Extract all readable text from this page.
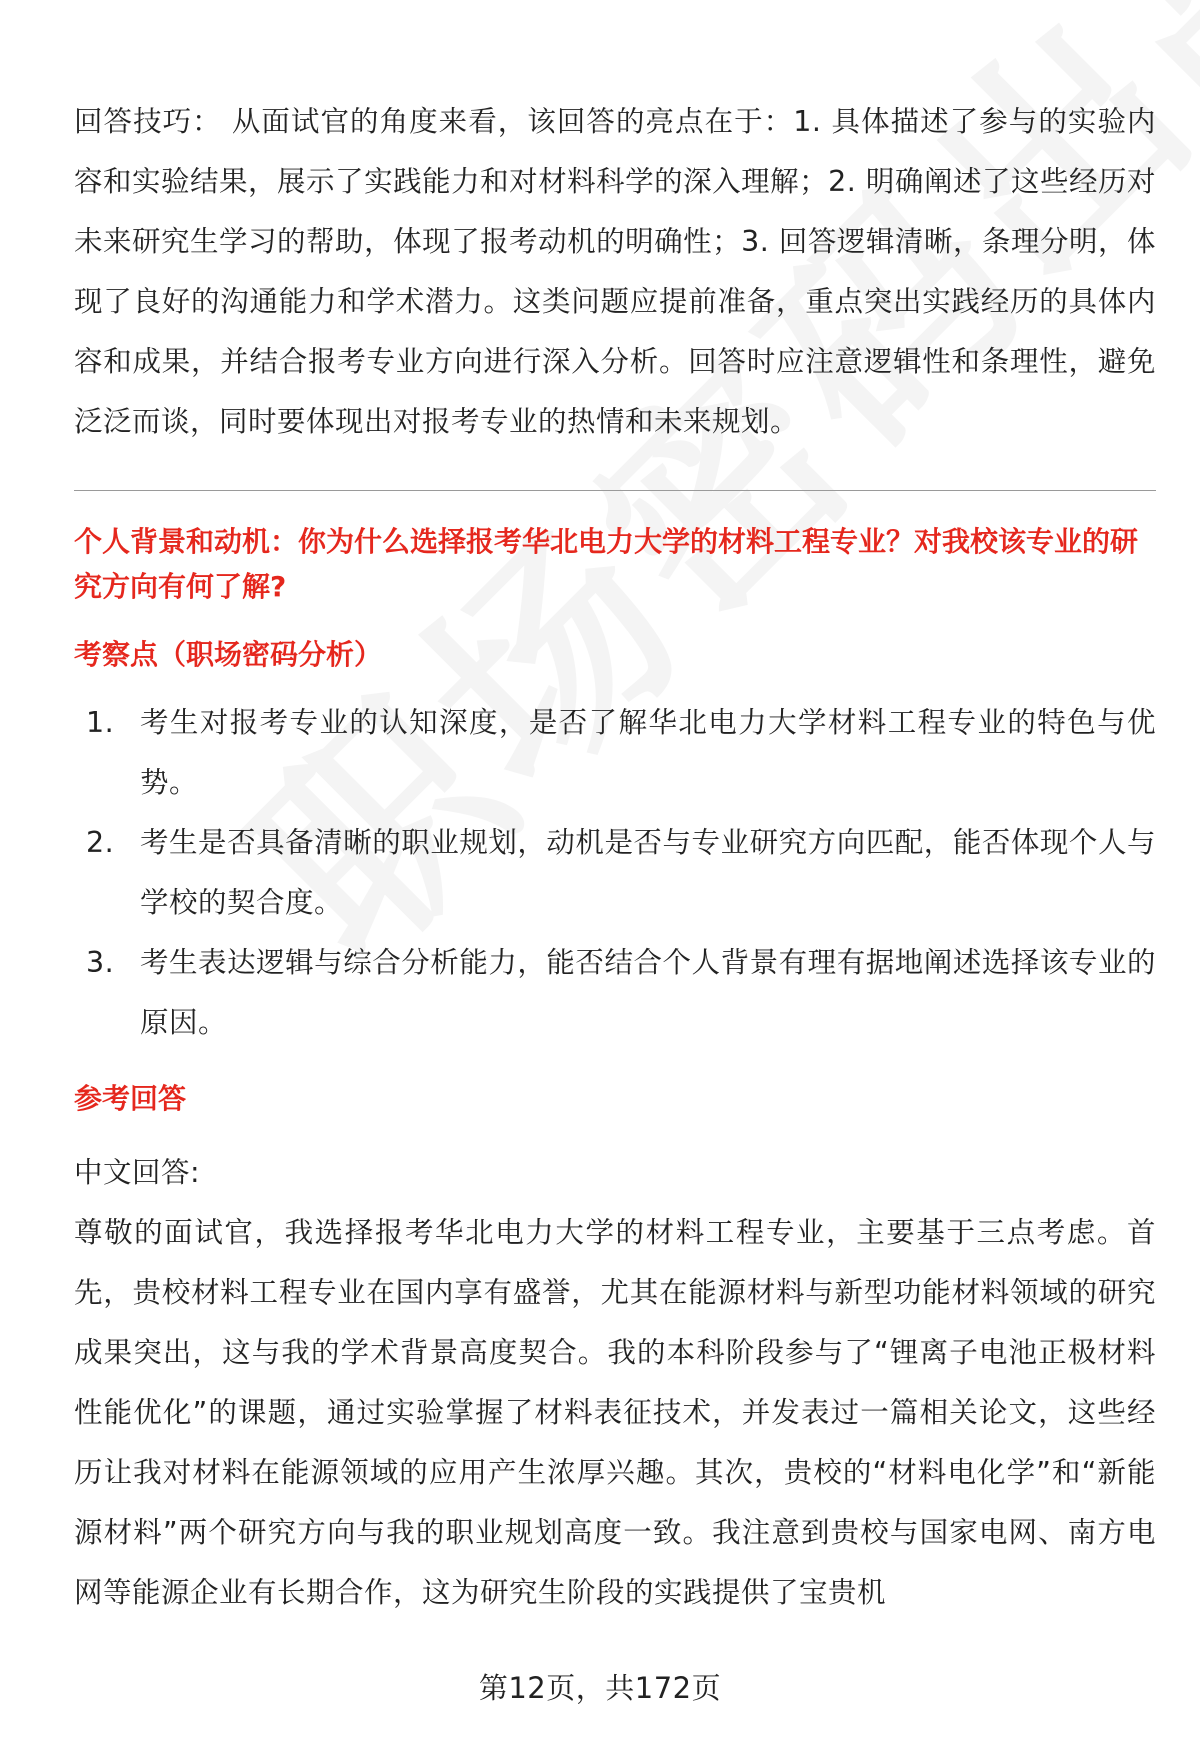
回答技巧： 从面试官的角度来看，该回答的亮点在于：1. 具体描述了参与的实验内容和实验结果，展示了实践能力和对材料科学的深入理解；2. 明确阐述了这些经历对未来研究生学习的帮助，体现了报考动机的明确性；3. 回答逻辑清晰，条理分明，体现了良好的沟通能力和学术潜力。这类问题应提前准备，重点突出实践经历的具体内容和成果，并结合报考专业方向进行深入分析。回答时应注意逻辑性和条理性，避免泛泛而谈，同时要体现出对报考专业的热情和未来规划。

个人背景和动机：你为什么选择报考华北电力大学的材料工程专业？对我校该专业的研究方向有何了解?
考察点（职场密码分析）
1. 考生对报考专业的认知深度，是否了解华北电力大学材料工程专业的特色与优势。
2. 考生是否具备清晰的职业规划，动机是否与专业研究方向匹配，能否体现个人与学校的契合度。
3. 考生表达逻辑与综合分析能力，能否结合个人背景有理有据地阐述选择该专业的原因。
参考回答

中文回答:

尊敬的面试官，我选择报考华北电力大学的材料工程专业，主要基于三点考虑。首先，贵校材料工程专业在国内享有盛誉，尤其在能源材料与新型功能材料领域的研究成果突出，这与我的学术背景高度契合。我的本科阶段参与了“锂离子电池正极材料性能优化”的课题，通过实验掌握了材料表征技术，并发表过一篇相关论文，这些经历让我对材料在能源领域的应用产生浓厚兴趣。其次，贵校的“材料电化学”和“新能源材料”两个研究方向与我的职业规划高度一致。我注意到贵校与国家电网、南方电网等能源企业有长期合作，这为研究生阶段的实践提供了宝贵机

第12页，共172页
